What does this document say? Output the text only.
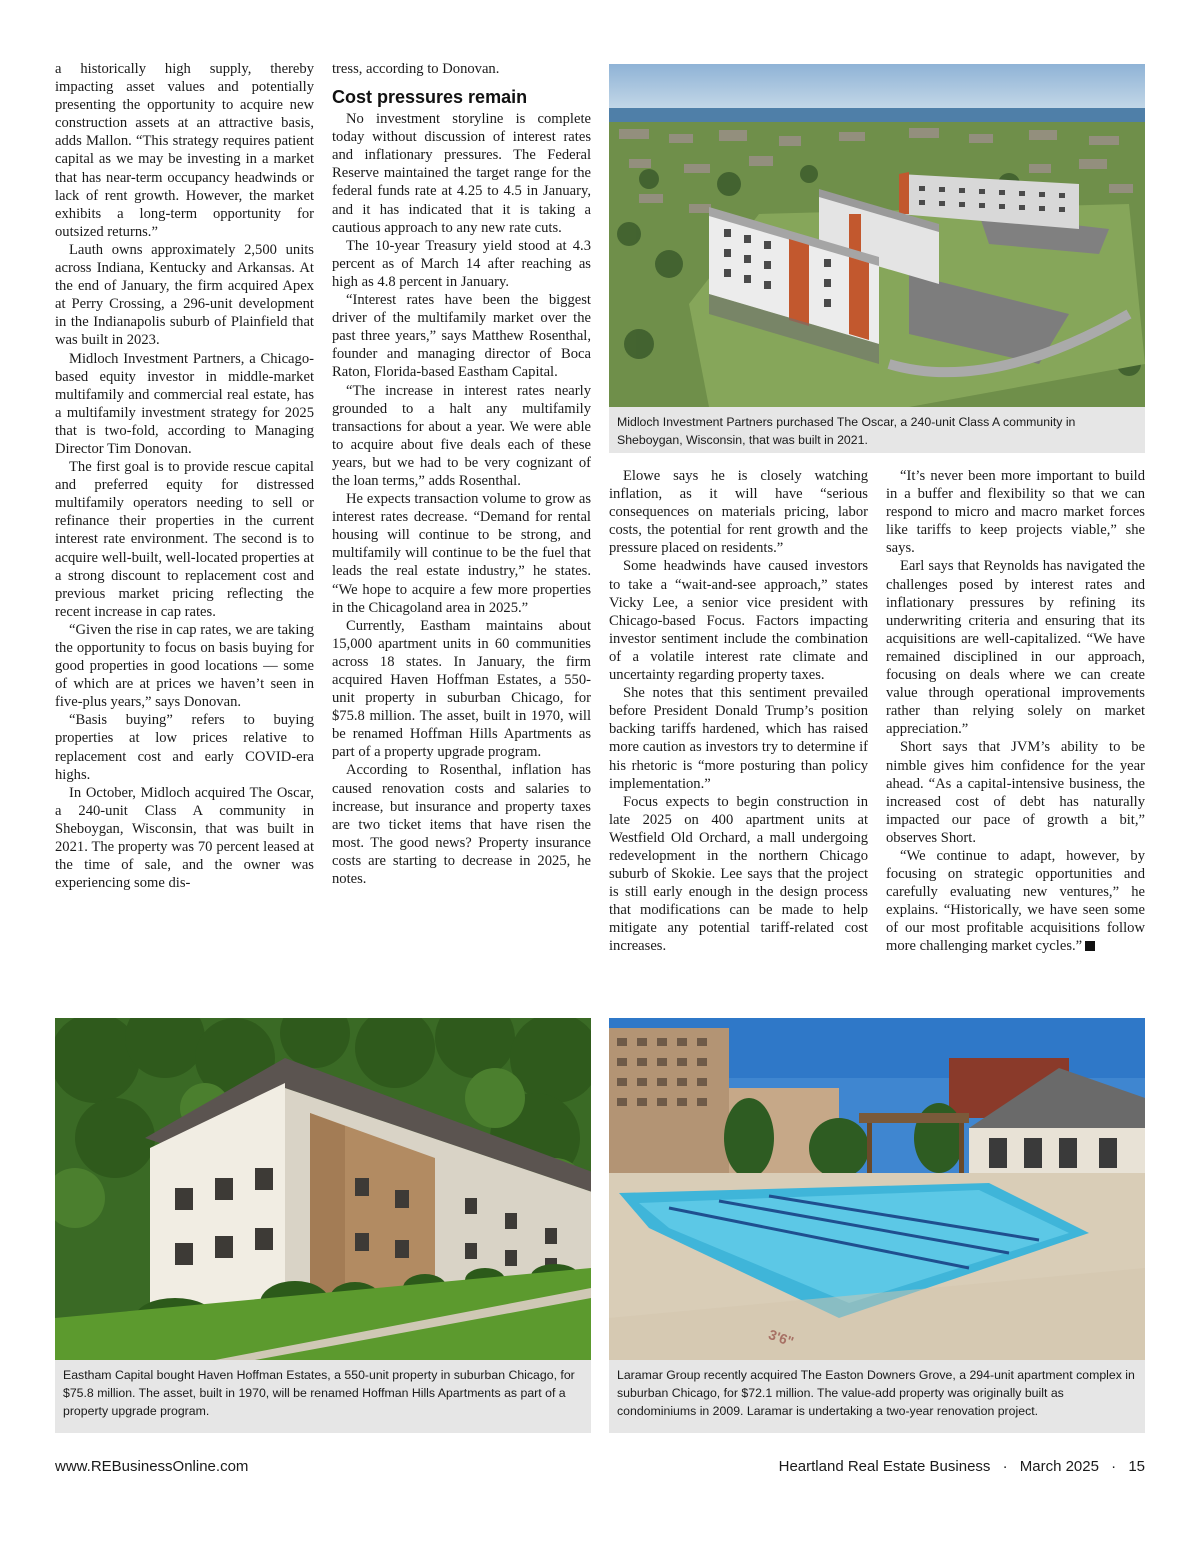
a historically high supply, thereby impacting asset values and potentially presenting the opportunity to acquire new construction assets at an attractive basis, adds Mallon. “This strategy requires patient capital as we may be investing in a market that has near-term occupancy headwinds or lack of rent growth. However, the market exhibits a long-term opportunity for outsized returns.”

Lauth owns approximately 2,500 units across Indiana, Kentucky and Arkansas. At the end of January, the firm acquired Apex at Perry Crossing, a 296-unit development in the Indianapolis suburb of Plainfield that was built in 2023.

Midloch Investment Partners, a Chicago-based equity investor in middle-market multifamily and commercial real estate, has a multifamily investment strategy for 2025 that is two-fold, according to Managing Director Tim Donovan.

The first goal is to provide rescue capital and preferred equity for distressed multifamily operators needing to sell or refinance their properties in the current interest rate environment. The second is to acquire well-built, well-located properties at a strong discount to replacement cost and previous market pricing reflecting the recent increase in cap rates.

“Given the rise in cap rates, we are taking the opportunity to focus on basis buying for good properties in good locations — some of which are at prices we haven’t seen in five-plus years,” says Donovan.

“Basis buying” refers to buying properties at low prices relative to replacement cost and early COVID-era highs.

In October, Midloch acquired The Oscar, a 240-unit Class A community in Sheboygan, Wisconsin, that was built in 2021. The property was 70 percent leased at the time of sale, and the owner was experiencing some dis-

tress, according to Donovan.

Cost pressures remain

No investment storyline is complete today without discussion of interest rates and inflationary pressures. The Federal Reserve maintained the target range for the federal funds rate at 4.25 to 4.5 in January, and it has indicated that it is taking a cautious approach to any new rate cuts.

The 10-year Treasury yield stood at 4.3 percent as of March 14 after reaching as high as 4.8 percent in January.

“Interest rates have been the biggest driver of the multifamily market over the past three years,” says Matthew Rosenthal, founder and managing director of Boca Raton, Florida-based Eastham Capital.

“The increase in interest rates nearly grounded to a halt any multifamily transactions for about a year. We were able to acquire about five deals each of these years, but we had to be very cognizant of the loan terms,” adds Rosenthal.

He expects transaction volume to grow as interest rates decrease. “Demand for rental housing will continue to be strong, and multifamily will continue to be the fuel that leads the real estate industry,” he states. “We hope to acquire a few more properties in the Chicagoland area in 2025.”

Currently, Eastham maintains about 15,000 apartment units in 60 communities across 18 states. In January, the firm acquired Haven Hoffman Estates, a 550-unit property in suburban Chicago, for $75.8 million. The asset, built in 1970, will be renamed Hoffman Hills Apartments as part of a property upgrade program.

According to Rosenthal, inflation has caused renovation costs and salaries to increase, but insurance and property taxes are two ticket items that have risen the most. The good news? Property insurance costs are starting to decrease in 2025, he notes.

Midloch Investment Partners purchased The Oscar, a 240-unit Class A community in Sheboygan, Wisconsin, that was built in 2021.

Elowe says he is closely watching inflation, as it will have “serious consequences on materials pricing, labor costs, the potential for rent growth and the pressure placed on residents.”

Some headwinds have caused investors to take a “wait-and-see approach,” states Vicky Lee, a senior vice president with Chicago-based Focus. Factors impacting investor sentiment include the combination of a volatile interest rate climate and uncertainty regarding property taxes.

She notes that this sentiment prevailed before President Donald Trump’s position backing tariffs hardened, which has raised more caution as investors try to determine if his rhetoric is “more posturing than policy implementation.”

Focus expects to begin construction in late 2025 on 400 apartment units at Westfield Old Orchard, a mall undergoing redevelopment in the northern Chicago suburb of Skokie. Lee says that the project is still early enough in the design process that modifications can be made to help mitigate any potential tariff-related cost increases.

“It’s never been more important to build in a buffer and flexibility so that we can respond to micro and macro market forces like tariffs to keep projects viable,” she says.

Earl says that Reynolds has navigated the challenges posed by interest rates and inflationary pressures by refining its underwriting criteria and ensuring that its acquisitions are well-capitalized. “We have remained disciplined in our approach, focusing on deals where we can create value through operational improvements rather than relying solely on market appreciation.”

Short says that JVM’s ability to be nimble gives him confidence for the year ahead. “As a capital-intensive business, the increased cost of debt has naturally impacted our pace of growth a bit,” observes Short.

“We continue to adapt, however, by focusing on strategic opportunities and carefully evaluating new ventures,” he explains. “Historically, we have seen some of our most profitable acquisitions follow more challenging market cycles.”

Eastham Capital bought Haven Hoffman Estates, a 550-unit property in suburban Chicago, for $75.8 million. The asset, built in 1970, will be renamed Hoffman Hills Apartments as part of a property upgrade program.
Laramar Group recently acquired The Easton Downers Grove, a 294-unit apartment complex in suburban Chicago, for $72.1 million. The value-add property was originally built as condominiums in 2009. Laramar is undertaking a two-year renovation project.
www.REBusinessOnline.com	Heartland Real Estate Business · March 2025 · 15
